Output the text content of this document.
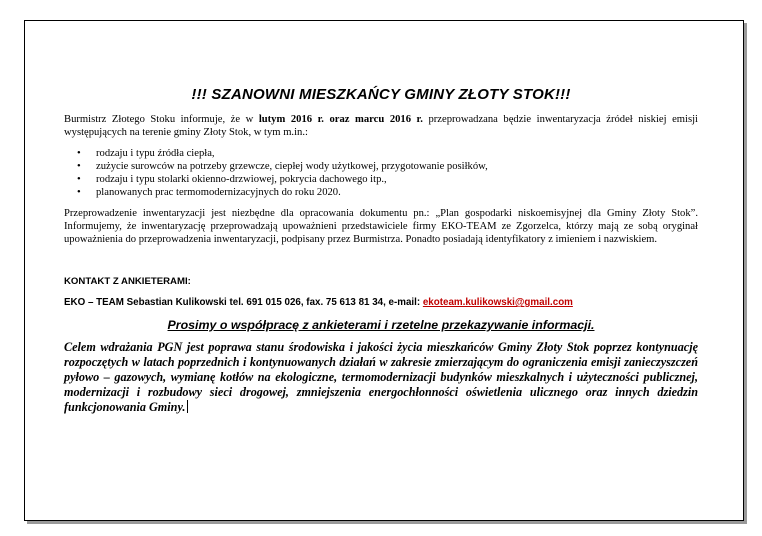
!!! SZANOWNI MIESZKAŃCY GMINY ZŁOTY STOK!!!

Burmistrz Złotego Stoku informuje, że w lutym 2016 r. oraz marcu 2016 r. przeprowadzana będzie inwentaryzacja źródeł niskiej emisji występujących na terenie gminy Złoty Stok, w tym m.in.:

• rodzaju i typu źródła ciepła,
• zużycie surowców na potrzeby grzewcze, ciepłej wody użytkowej, przygotowanie posiłków,
• rodzaju i typu stolarki okienno-drzwiowej, pokrycia dachowego itp.,
• planowanych prac termomodernizacyjnych do roku 2020.

Przeprowadzenie inwentaryzacji jest niezbędne dla opracowania dokumentu pn.: „Plan gospodarki niskoemisyjnej dla Gminy Złoty Stok”. Informujemy, że inwentaryzację przeprowadzają upoważnieni przedstawiciele firmy EKO-TEAM ze Zgorzelca, którzy mają ze sobą oryginał upoważnienia do przeprowadzenia inwentaryzacji, podpisany przez Burmistrza. Ponadto posiadają identyfikatory z imieniem i nazwiskiem.

KONTAKT Z ANKIETERAMI:
EKO – TEAM Sebastian Kulikowski tel. 691 015 026, fax. 75 613 81 34, e-mail: ekoteam.kulikowski@gmail.com
Prosimy o współpracę z ankieterami i rzetelne przekazywanie informacji.
Celem wdrażania PGN jest poprawa stanu środowiska i jakości życia mieszkańców Gminy Złoty Stok poprzez kontynuację rozpoczętych w latach poprzednich i kontynuowanych działań w zakresie zmierzającym do ograniczenia emisji zanieczyszczeń pyłowo – gazowych, wymianę kotłów na ekologiczne, termomodernizacji budynków mieszkalnych i użyteczności publicznej, modernizacji i rozbudowy sieci drogowej, zmniejszenia energochłonności oświetlenia ulicznego oraz innych dziedzin funkcjonowania Gminy.
